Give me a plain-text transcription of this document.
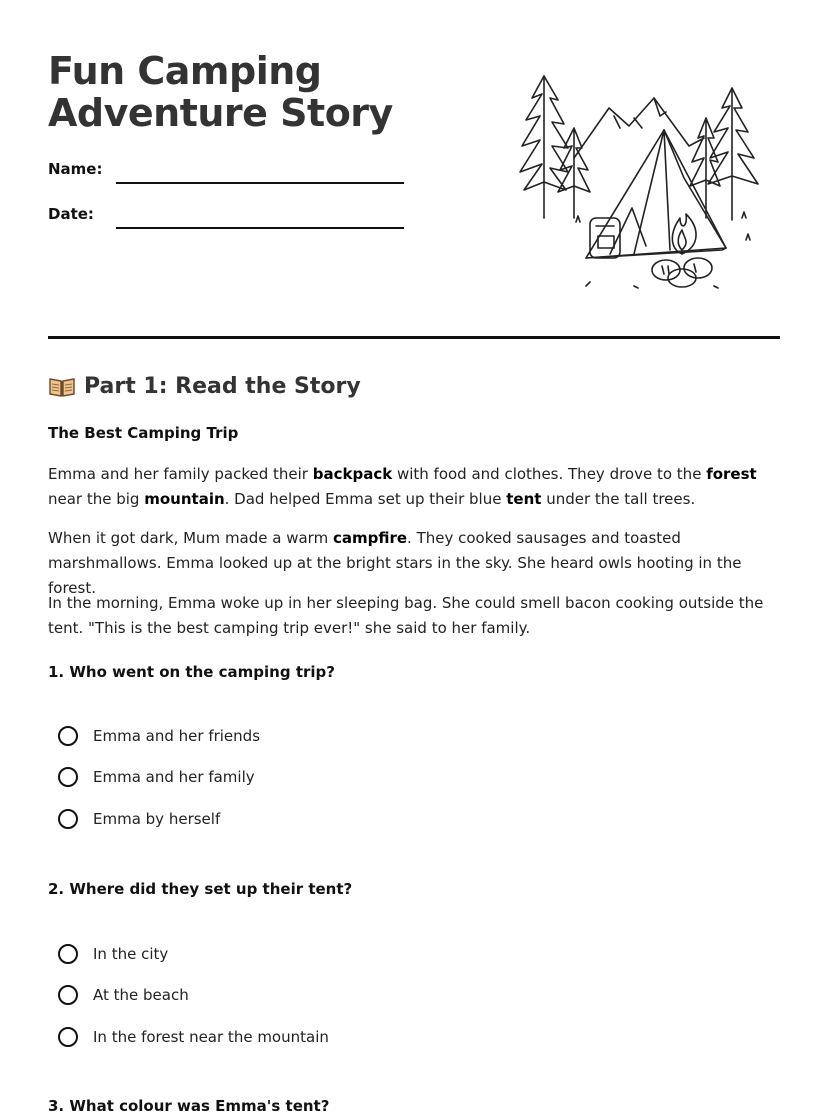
Fun Camping Adventure Story
Name:
Date:
Part 1: Read the Story
The Best Camping Trip

Emma and her family packed their backpack with food and clothes. They drove to the forest near the big mountain. Dad helped Emma set up their blue tent under the tall trees.

When it got dark, Mum made a warm campfire. They cooked sausages and toasted marshmallows. Emma looked up at the bright stars in the sky. She heard owls hooting in the forest.

In the morning, Emma woke up in her sleeping bag. She could smell bacon cooking outside the tent. "This is the best camping trip ever!" she said to her family.

1. Who went on the camping trip?
Emma and her friends
Emma and her family
Emma by herself
2. Where did they set up their tent?
In the city
At the beach
In the forest near the mountain
3. What colour was Emma's tent?
